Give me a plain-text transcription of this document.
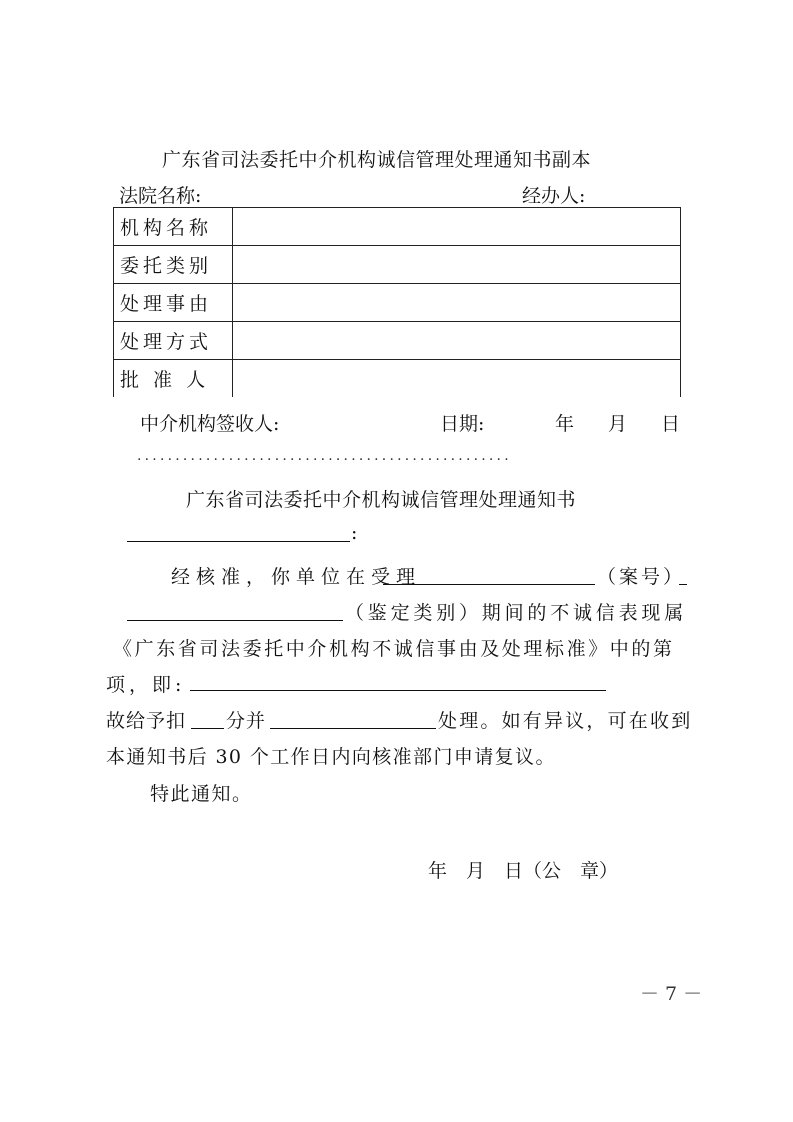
广东省司法委托中介机构诚信管理处理通知书副本
法院名称:	经办人:
机构名称	
委托类别	
处理事由	
处理方式	
批 准 人	
中介机构签收人:	日期:	年 月 日
·················································
广东省司法委托中介机构诚信管理处理通知书
:
经核准，你单位在受理	（案号）
（鉴定类别）期间的不诚信表现属
《广东省司法委托中介机构不诚信事由及处理标准》中的第
项，即:
故给予扣 分并	处理。如有异议，可在收到
本通知书后 30 个工作日内向核准部门申请复议。
特此通知。
年　月　日（公　章）
－ 7 －
